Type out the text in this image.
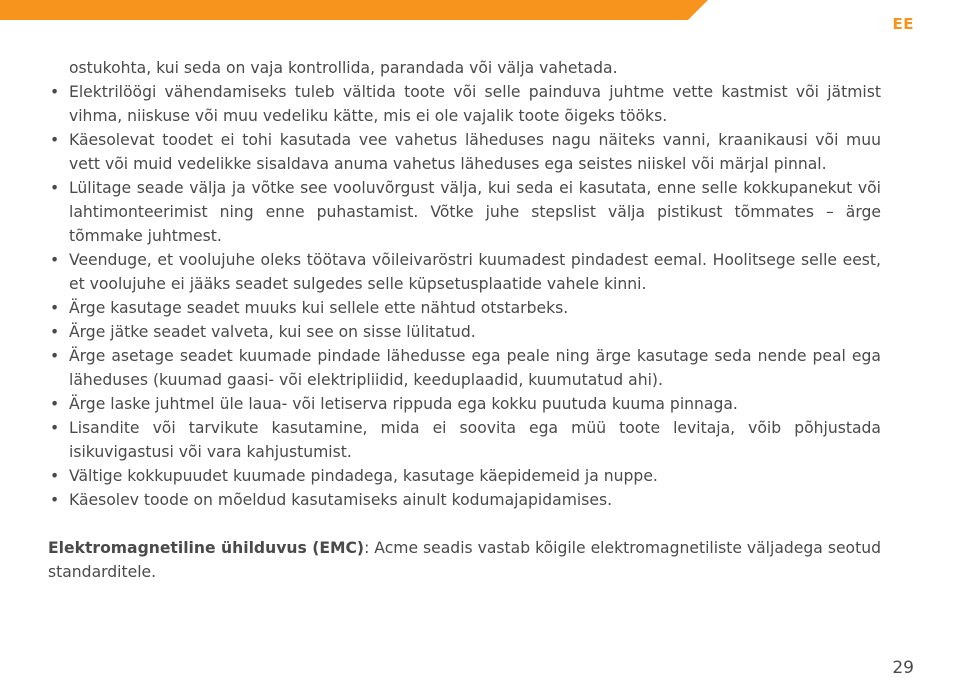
EE
ostukohta, kui seda on vaja kontrollida, parandada või välja vahetada.
• Elektrilöögi vähendamiseks tuleb vältida toote või selle painduva juhtme vette kastmist või jätmist vihma, niiskuse või muu vedeliku kätte, mis ei ole vajalik toote õigeks tööks.
• Käesolevat toodet ei tohi kasutada vee vahetus läheduses nagu näiteks vanni, kraanikausi või muu vett või muid vedelikke sisaldava anuma vahetus läheduses ega seistes niiskel või märjal pinnal.
• Lülitage seade välja ja võtke see vooluvõrgust välja, kui seda ei kasutata, enne selle kokkupanekut või lahtimonteerimist ning enne puhastamist. Võtke juhe stepslist välja pistikust tõmmates – ärge tõmmake juhtmest.
• Veenduge, et voolujuhe oleks töötava võileivaröstri kuumadest pindadest eemal. Hoolitsege selle eest, et voolujuhe ei jääks seadet sulgedes selle küpsetusplaatide vahele kinni.
• Ärge kasutage seadet muuks kui sellele ette nähtud otstarbeks.
• Ärge jätke seadet valveta, kui see on sisse lülitatud.
• Ärge asetage seadet kuumade pindade lähedusse ega peale ning ärge kasutage seda nende peal ega läheduses (kuumad gaasi- või elektripliidid, keeduplaadid, kuumutatud ahi).
• Ärge laske juhtmel üle laua- või letiserva rippuda ega kokku puutuda kuuma pinnaga.
• Lisandite või tarvikute kasutamine, mida ei soovita ega müü toote levitaja, võib põhjustada isikuvigastusi või vara kahjustumist.
• Vältige kokkupuudet kuumade pindadega, kasutage käepidemeid ja nuppe.
• Käesolev toode on mõeldud kasutamiseks ainult kodumajapidamises.

Elektromagnetiline ühilduvus (EMC): Acme seadis vastab kõigile elektromagnetiliste väljadega seotud standarditele.

29
